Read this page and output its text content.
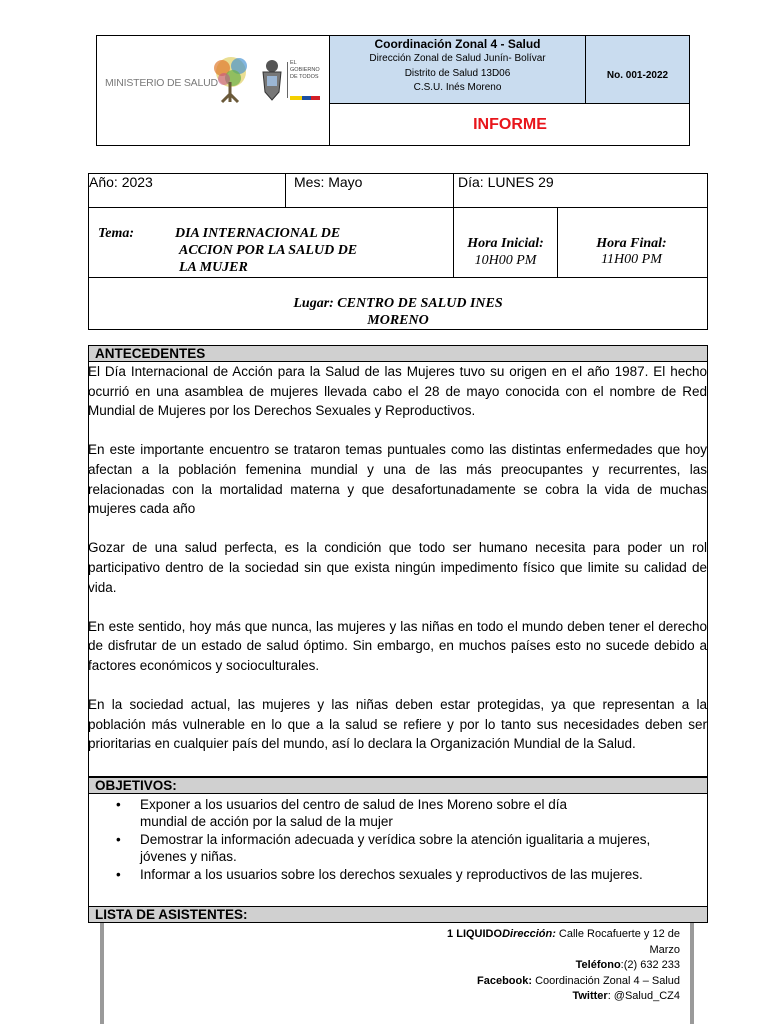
MINISTERIO DE SALUD
EL GOBIERNO DE TODOS
Coordinación Zonal 4 - Salud
Dirección Zonal de Salud Junín- Bolívar
Distrito de Salud 13D06
C.S.U. Inés Moreno
No. 001-2022
INFORME
Año: 2023	Mes: Mayo	Día: LUNES 29
Tema:	DIA INTERNACIONAL DE
ACCION POR LA SALUD DE
LA MUJER
Hora Inicial:
10H00 PM
Hora Final:
11H00 PM
Lugar: CENTRO DE SALUD INES
MORENO
ANTECEDENTES

El Día Internacional de Acción para la Salud de las Mujeres tuvo su origen en el año 1987. El hecho ocurrió en una asamblea de mujeres llevada cabo el 28 de mayo conocida con el nombre de Red Mundial de Mujeres por los Derechos Sexuales y Reproductivos.

En este importante encuentro se trataron temas puntuales como las distintas enfermedades que hoy afectan a la población femenina mundial y una de las más preocupantes y recurrentes, las relacionadas con la mortalidad materna y que desafortunadamente se cobra la vida de muchas mujeres cada año

Gozar de una salud perfecta, es la condición que todo ser humano necesita para poder un rol participativo dentro de la sociedad sin que exista ningún impedimento físico que limite su calidad de vida.

En este sentido, hoy más que nunca, las mujeres y las niñas en todo el mundo deben tener el derecho de disfrutar de un estado de salud óptimo. Sin embargo, en muchos países esto no sucede debido a factores económicos y socioculturales.

En la sociedad actual, las mujeres y las niñas deben estar protegidas, ya que representan a la población más vulnerable en lo que a la salud se refiere y por lo tanto sus necesidades deben ser prioritarias en cualquier país del mundo, así lo declara la Organización Mundial de la Salud.

OBJETIVOS:
• Exponer a los usuarios del centro de salud de Ines Moreno sobre el día
mundial de acción por la salud de la mujer
• Demostrar la información adecuada y verídica sobre la atención igualitaria a mujeres,
jóvenes y niñas.
• Informar a los usuarios sobre los derechos sexuales y reproductivos de las mujeres.
LISTA DE ASISTENTES:
1 LIQUIDODirección: Calle Rocafuerte y 12 de
Marzo
Teléfono:(2) 632 233
Facebook: Coordinación Zonal 4 – Salud
Twitter: @Salud_CZ4
